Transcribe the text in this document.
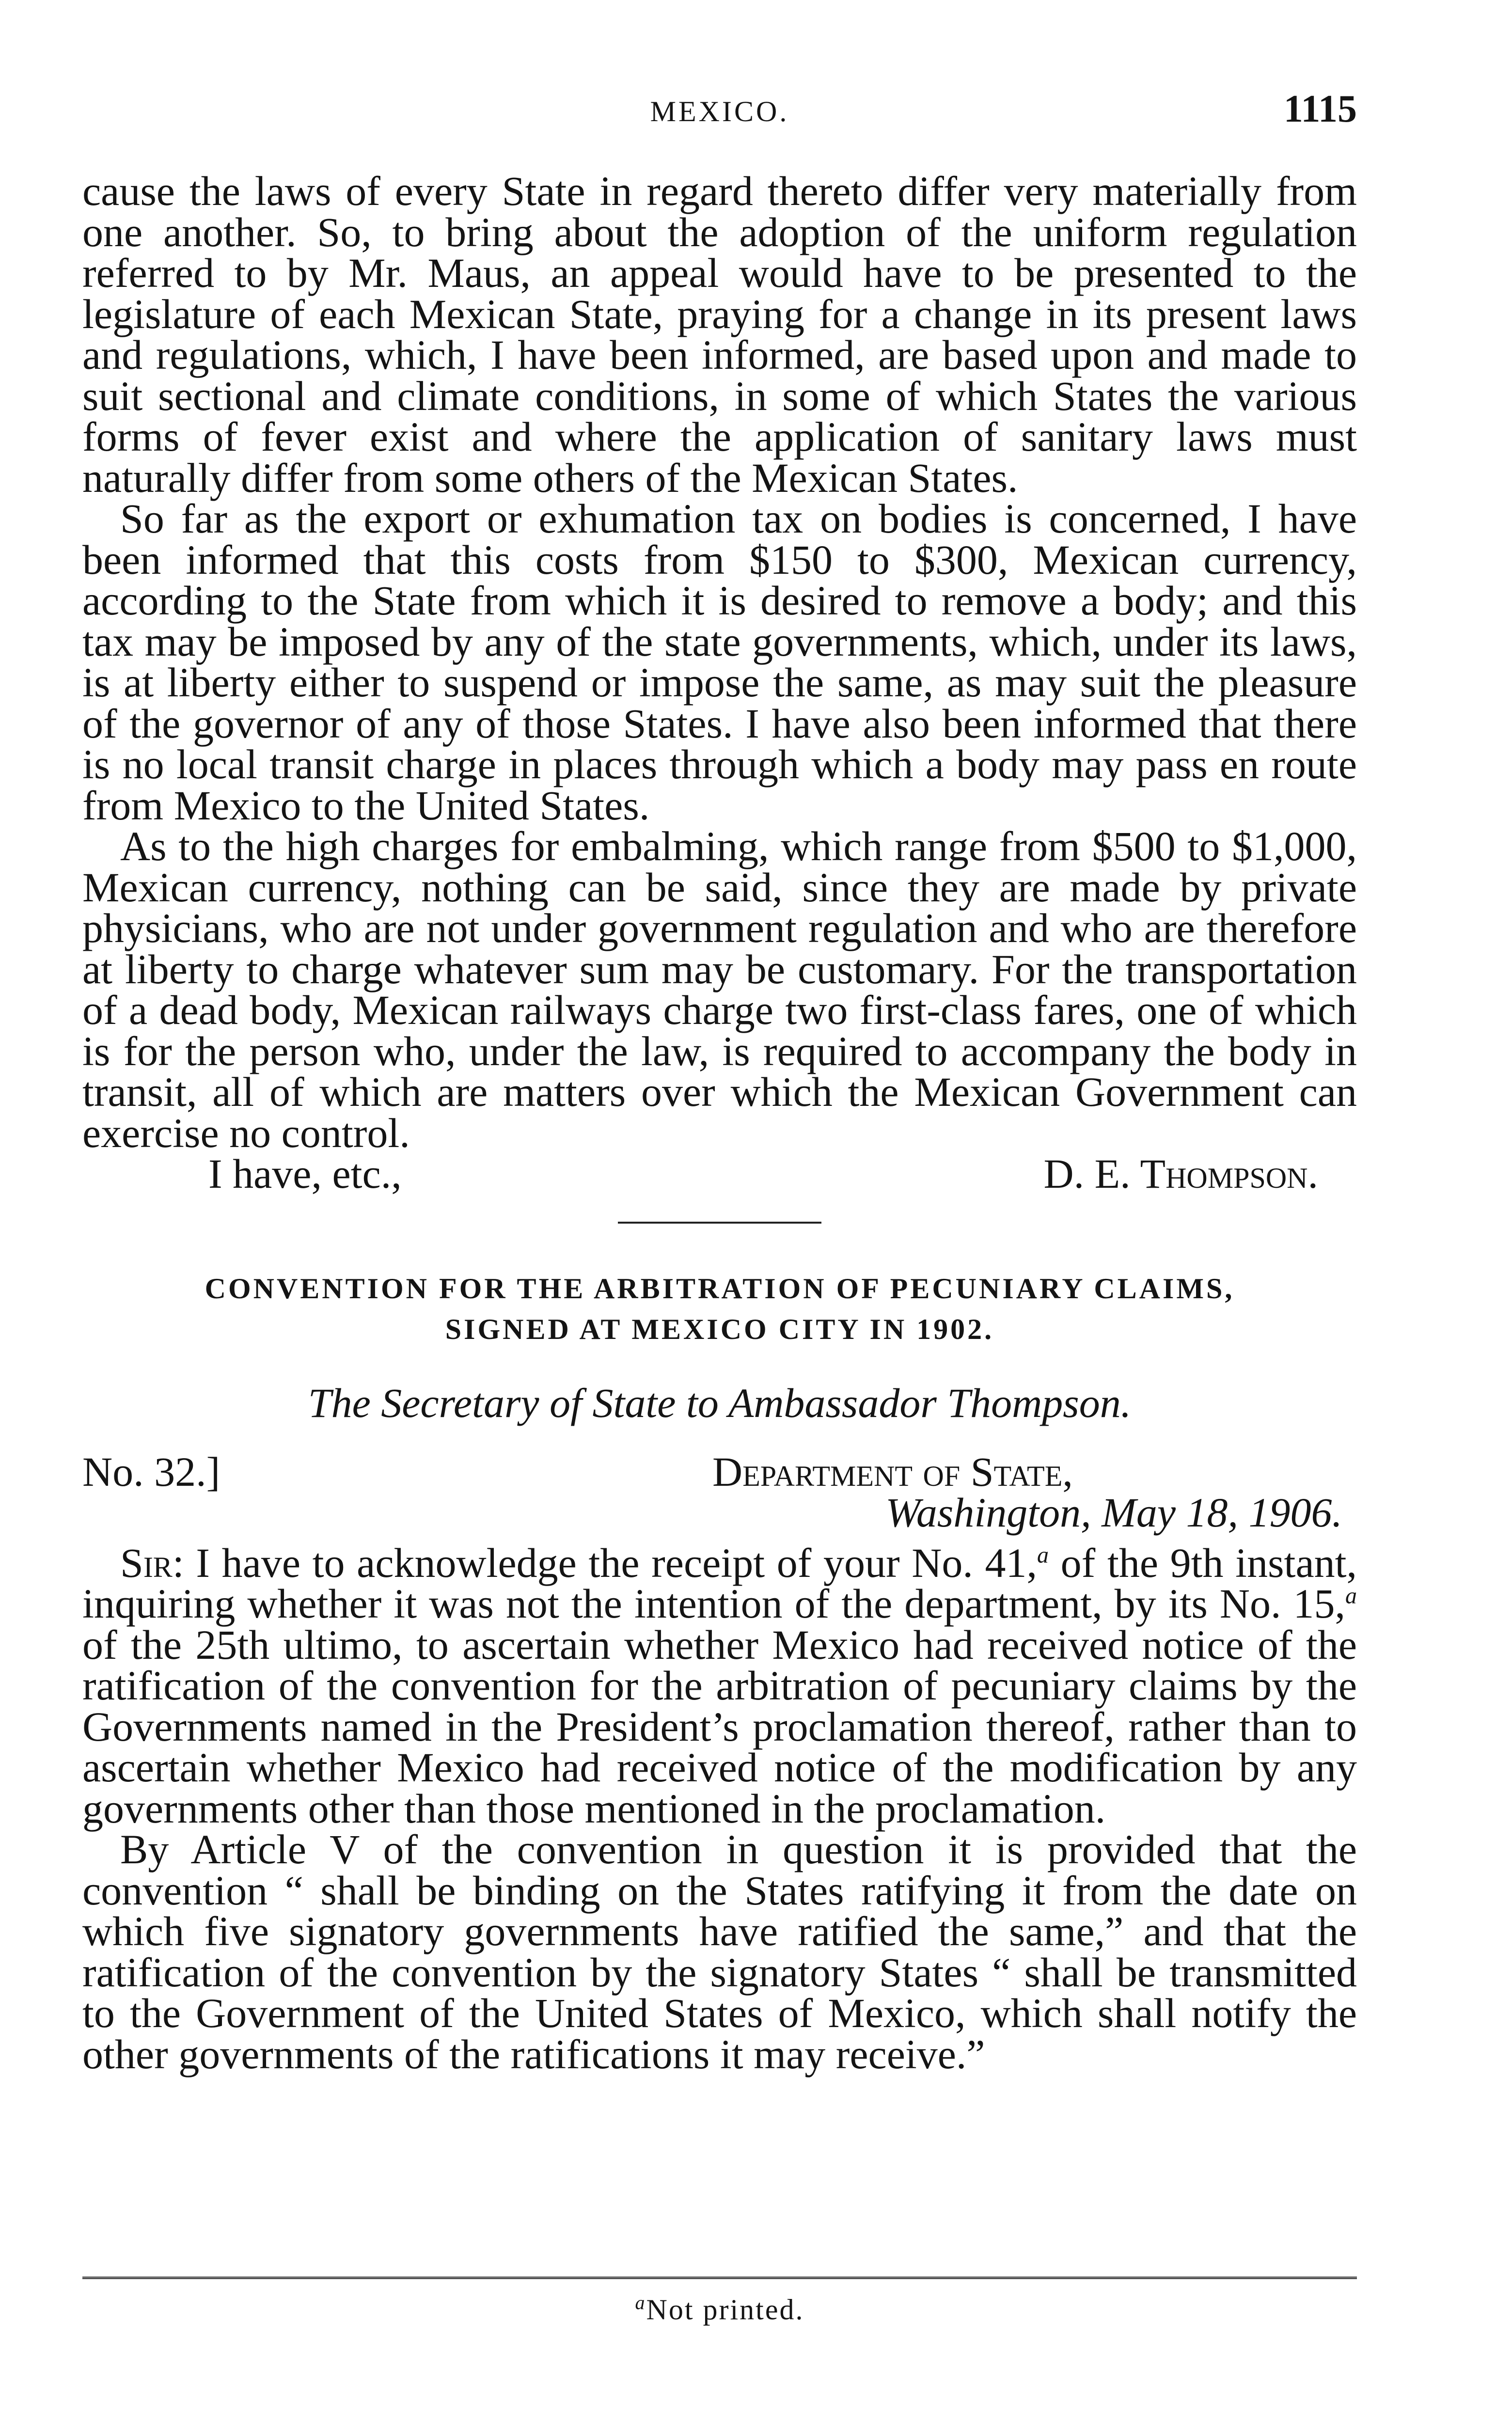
MEXICO.	1115

cause the laws of every State in regard thereto differ very materially from one another. So, to bring about the adoption of the uniform regulation referred to by Mr. Maus, an appeal would have to be presented to the legislature of each Mexican State, praying for a change in its present laws and regulations, which, I have been informed, are based upon and made to suit sectional and climate conditions, in some of which States the various forms of fever exist and where the application of sanitary laws must naturally differ from some others of the Mexican States.

So far as the export or exhumation tax on bodies is concerned, I have been informed that this costs from $150 to $300, Mexican currency, according to the State from which it is desired to remove a body; and this tax may be imposed by any of the state governments, which, under its laws, is at liberty either to suspend or impose the same, as may suit the pleasure of the governor of any of those States. I have also been informed that there is no local transit charge in places through which a body may pass en route from Mexico to the United States.

As to the high charges for embalming, which range from $500 to $1,000, Mexican currency, nothing can be said, since they are made by private physicians, who are not under government regulation and who are therefore at liberty to charge whatever sum may be customary. For the transportation of a dead body, Mexican railways charge two first-class fares, one of which is for the person who, under the law, is required to accompany the body in transit, all of which are matters over which the Mexican Government can exercise no control.

I have, etc.,	D. E. Thompson.
CONVENTION FOR THE ARBITRATION OF PECUNIARY CLAIMS,
SIGNED AT MEXICO CITY IN 1902.
The Secretary of State to Ambassador Thompson.
No. 32.]	Department of State,
Washington, May 18, 1906.

Sir: I have to acknowledge the receipt of your No. 41,$^a$ of the 9th instant, inquiring whether it was not the intention of the department, by its No. 15,$^a$ of the 25th ultimo, to ascertain whether Mexico had received notice of the ratification of the convention for the arbitration of pecuniary claims by the Governments named in the President’s proclamation thereof, rather than to ascertain whether Mexico had received notice of the modification by any governments other than those mentioned in the proclamation.

By Article V of the convention in question it is provided that the convention “ shall be binding on the States ratifying it from the date on which five signatory governments have ratified the same,” and that the ratification of the convention by the signatory States “ shall be transmitted to the Government of the United States of Mexico, which shall notify the other governments of the ratifications it may receive.”

$^a$Not printed.
